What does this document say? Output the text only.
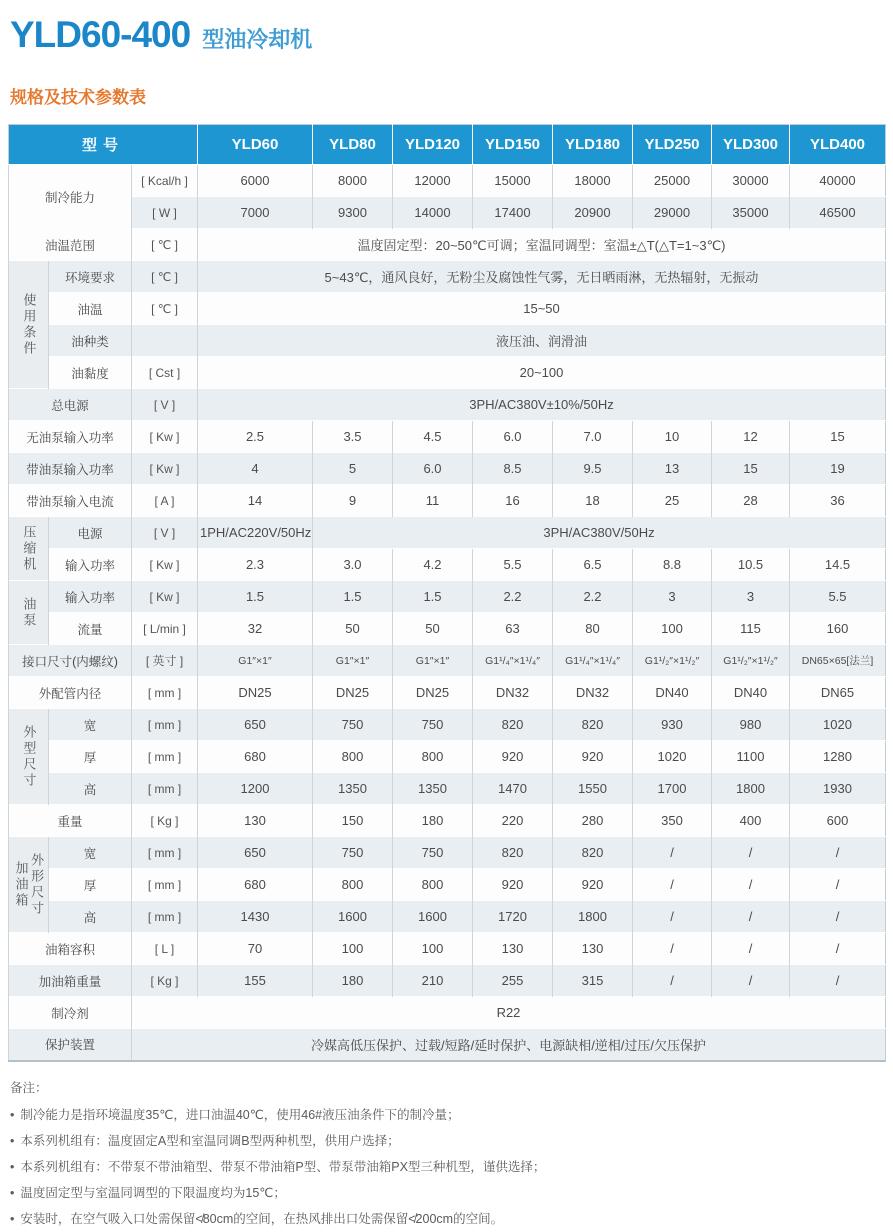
YLD60-400 型油冷却机
规格及技术参数表
型号			YLD60	YLD80	YLD120	YLD150	YLD180	YLD250	YLD300	YLD400
制冷能力		[ Kcal/h ]	6000	8000	12000	15000	18000	25000	30000	40000
		[ W ]	7000	9300	14000	17400	20900	29000	35000	46500
油温范围		[ ℃ ]	温度固定型：20~50℃可调；室温同调型：室温±△T(△T=1~3℃)							

使用条件	环境要求	[ ℃ ]	5~43℃，通风良好，无粉尘及腐蚀性气雾，无日晒雨淋，无热辐射，无振动							
	油温	[ ℃ ]	15~50							
	油种类		液压油、润滑油							
	油黏度	[ Cst ]	20~100							
总电源		[ V ]	3PH/AC380V±10%/50Hz							
无油泵输入功率		[ Kw ]	2.5	3.5	4.5	6.0	7.0	10	12	15
带油泵输入功率		[ Kw ]	4	5	6.0	8.5	9.5	13	15	19
带油泵输入电流		[ A ]	14	9	11	16	18	25	28	36

压缩机	电源	[ V ]	1PH/AC220V/50Hz	3PH/AC380V/50Hz						
	输入功率	[ Kw ]	2.3	3.0	4.2	5.5	6.5	8.8	10.5	14.5

油泵	输入功率	[ Kw ]	1.5	1.5	1.5	2.2	2.2	3	3	5.5
	流量	[ L/min ]	32	50	50	63	80	100	115	160
接口尺寸(内螺纹)		[ 英寸 ]	G1″×1″	G1″×1″	G1″×1″	G1¹/₄″×1¹/₄″	G1¹/₄″×1¹/₄″	G1¹/₂″×1¹/₂″	G1¹/₂″×1¹/₂″	DN65×65[法兰]
外配管内径		[ mm ]	DN25	DN25	DN25	DN32	DN32	DN40	DN40	DN65

外型尺寸	宽	[ mm ]	650	750	750	820	820	930	980	1020
	厚	[ mm ]	680	800	800	920	920	1020	1100	1280
	高	[ mm ]	1200	1350	1350	1470	1550	1700	1800	1930
重量		[ Kg ]	130	150	180	220	280	350	400	600

加油箱 外形尺寸	宽	[ mm ]	650	750	750	820	820	/	/	/
	厚	[ mm ]	680	800	800	920	920	/	/	/
	高	[ mm ]	1430	1600	1600	1720	1800	/	/	/
油箱容积		[ L ]	70	100	100	130	130	/	/	/
加油箱重量		[ Kg ]	155	180	210	255	315	/	/	/
制冷剂		R22								
保护装置		冷媒高低压保护、过载/短路/延时保护、电源缺相/逆相/过压/欠压保护								
备注：
• 制冷能力是指环境温度35℃，进口油温40℃，使用46#液压油条件下的制冷量；
• 本系列机组有：温度固定A型和室温同调B型两种机型，供用户选择；
• 本系列机组有：不带泵不带油箱型、带泵不带油箱P型、带泵带油箱PX型三种机型，谨供选择；
• 温度固定型与室温同调型的下限温度均为15℃；
• 安装时，在空气吸入口处需保留≮80cm的空间，在热风排出口处需保留≮200cm的空间。
